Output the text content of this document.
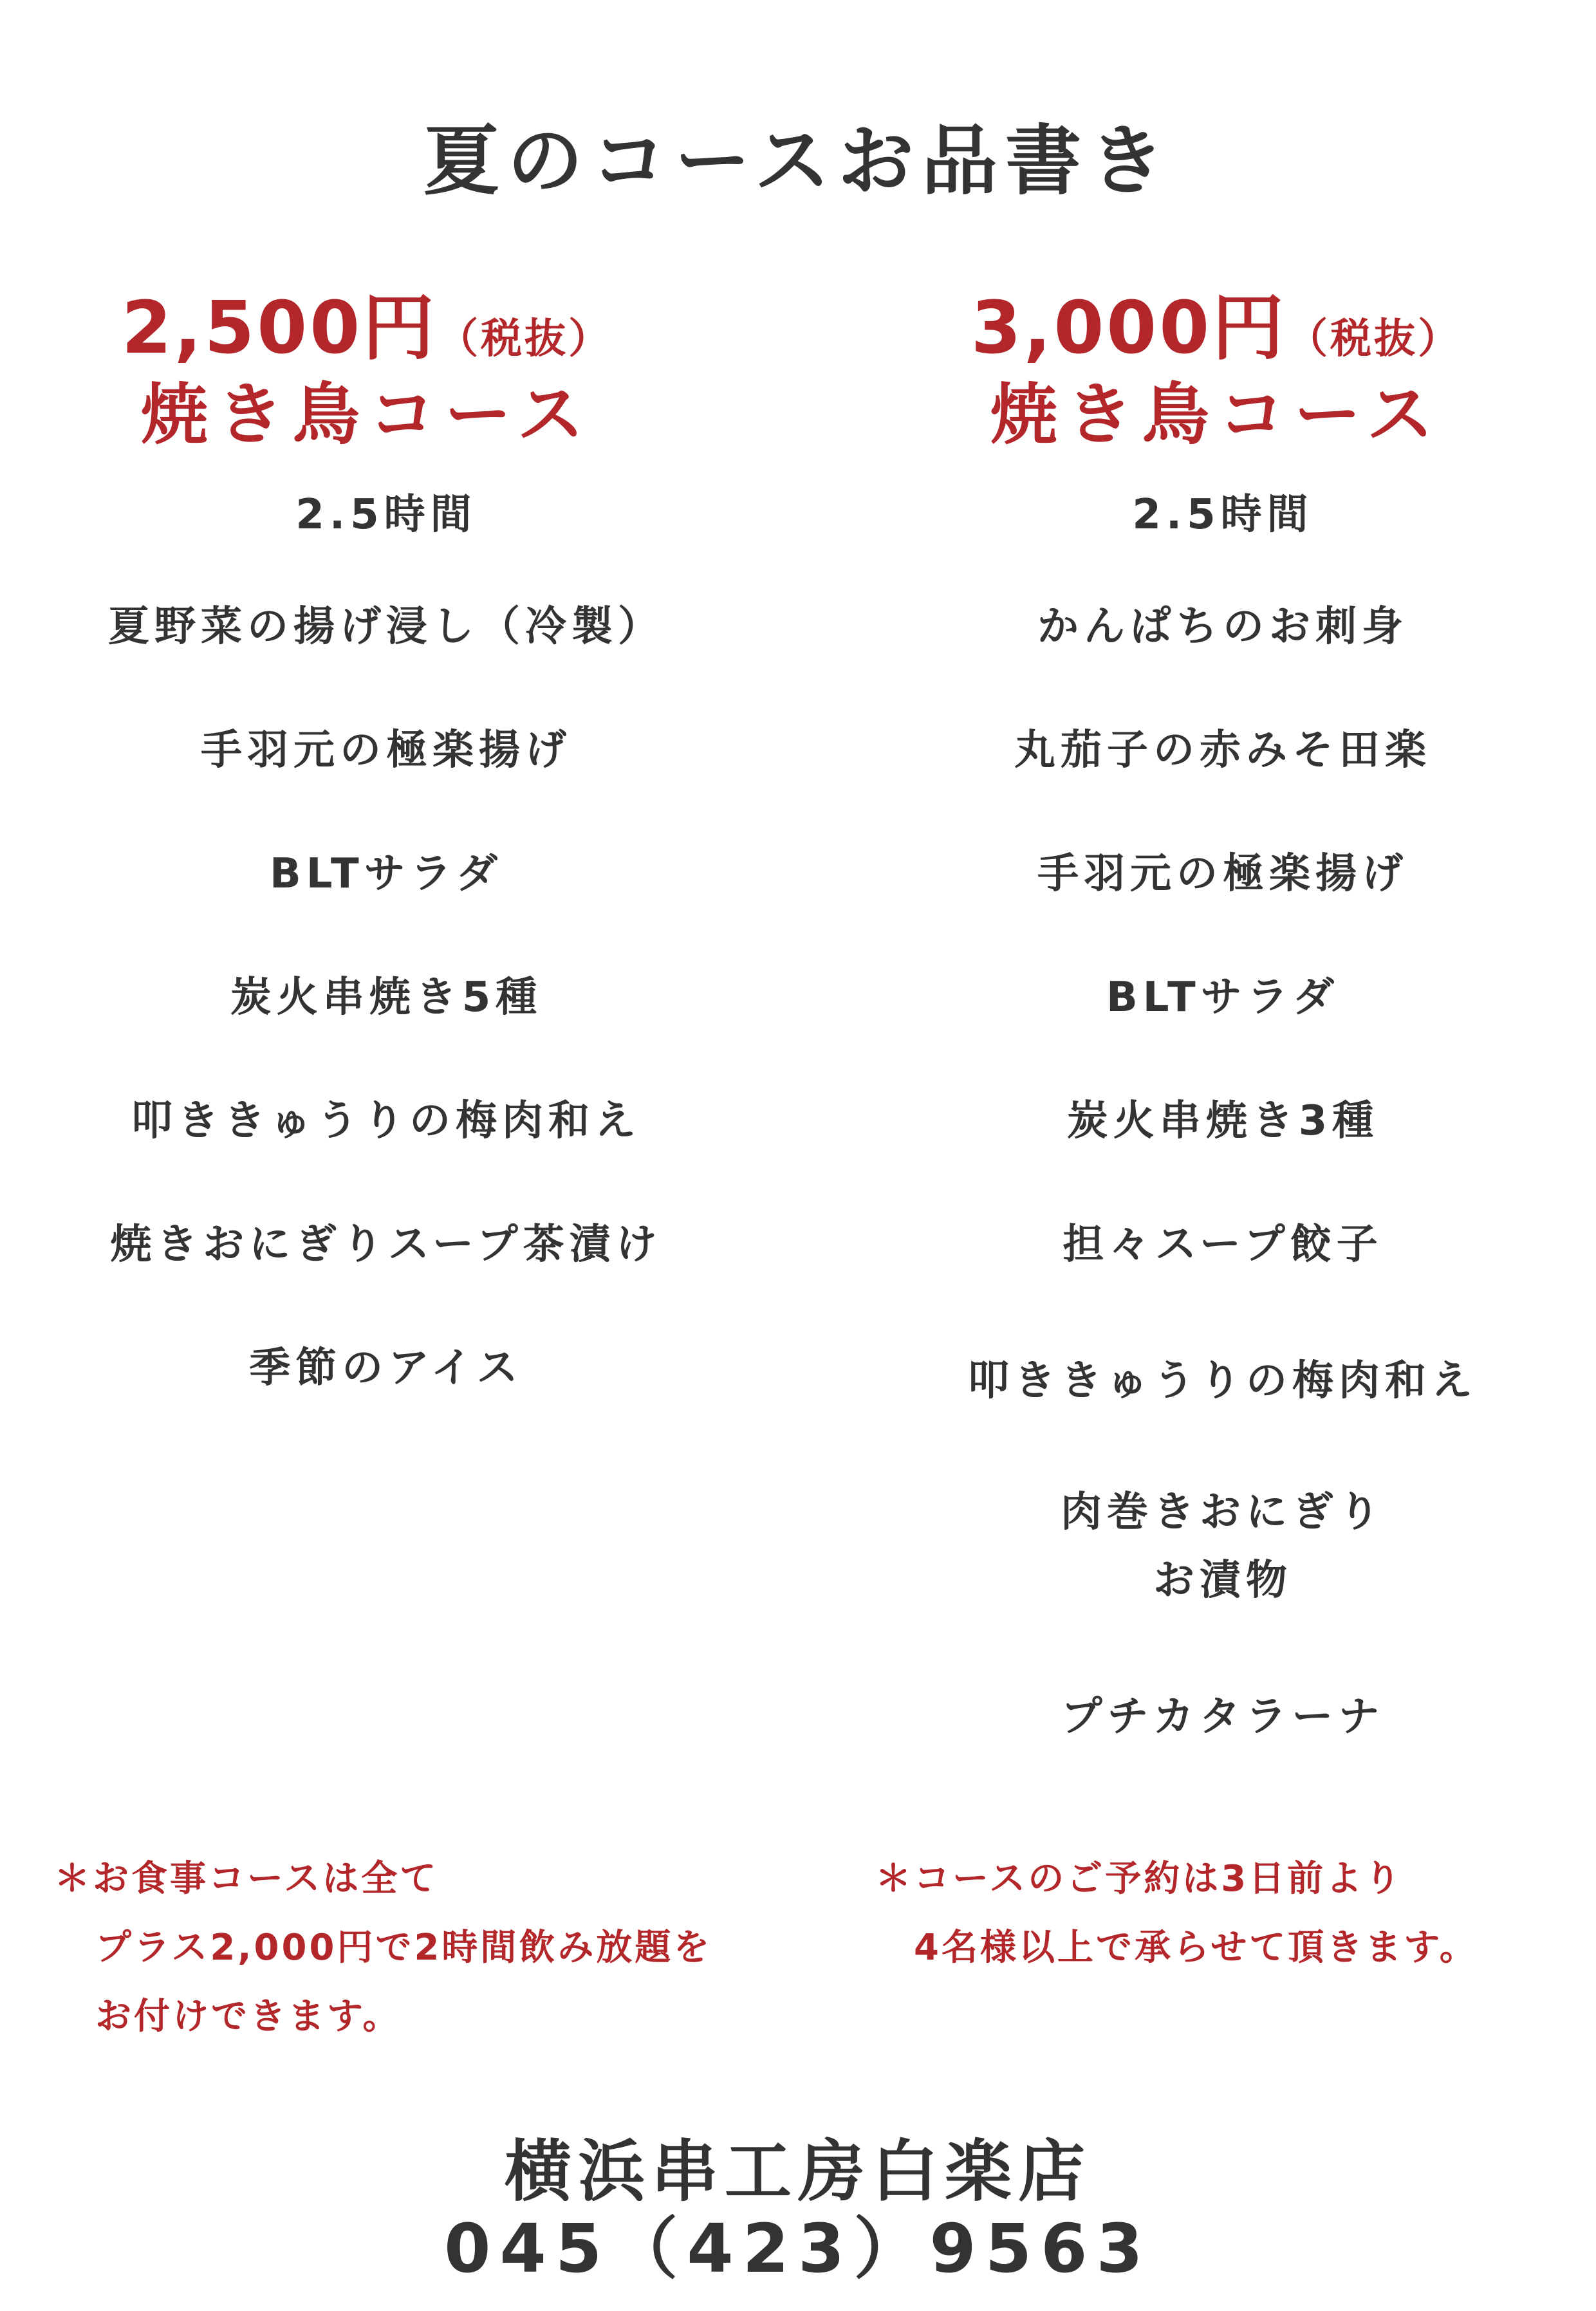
夏のコースお品書き
2,500円（税抜）
焼き鳥コース
2.5時間
夏野菜の揚げ浸し（冷製）
手羽元の極楽揚げ
BLTサラダ
炭火串焼き5種
叩ききゅうりの梅肉和え
焼きおにぎりスープ茶漬け
季節のアイス
3,000円（税抜）
焼き鳥コース
2.5時間
かんぱちのお刺身
丸茄子の赤みそ田楽
手羽元の極楽揚げ
BLTサラダ
炭火串焼き3種
担々スープ餃子
叩ききゅうりの梅肉和え
肉巻きおにぎり
お漬物
プチカタラーナ
＊お食事コースは全て
プラス2,000円で2時間飲み放題を
お付けできます。
＊コースのご予約は3日前より
4名様以上で承らせて頂きます。
横浜串工房白楽店
045（423）9563
